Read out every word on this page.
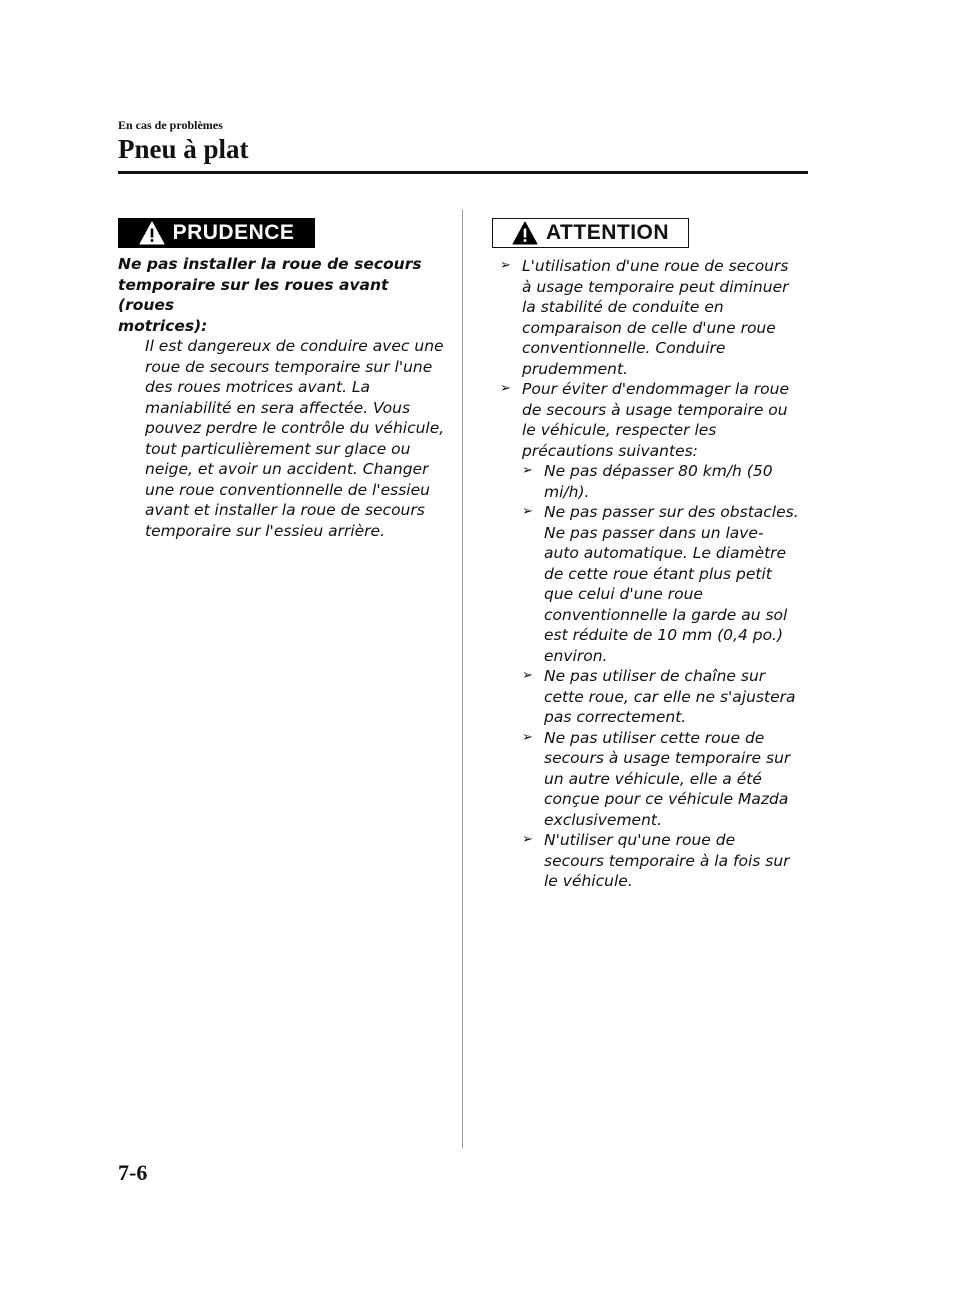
En cas de problèmes
Pneu à plat
PRUDENCE
Ne pas installer la roue de secours
temporaire sur les roues avant (roues
motrices):

Il est dangereux de conduire avec une
roue de secours temporaire sur l'une
des roues motrices avant. La
maniabilité en sera affectée. Vous
pouvez perdre le contrôle du véhicule,
tout particulièrement sur glace ou
neige, et avoir un accident. Changer
une roue conventionnelle de l'essieu
avant et installer la roue de secours
temporaire sur l'essieu arrière.

ATTENTION
➢ L'utilisation d'une roue de secours
à usage temporaire peut diminuer
la stabilité de conduite en
comparaison de celle d'une roue
conventionnelle. Conduire
prudemment.
➢ Pour éviter d'endommager la roue
de secours à usage temporaire ou
le véhicule, respecter les
précautions suivantes:
➢ Ne pas dépasser 80 km/h (50
mi/h).
➢ Ne pas passer sur des obstacles.
Ne pas passer dans un lave-
auto automatique. Le diamètre
de cette roue étant plus petit
que celui d'une roue
conventionnelle la garde au sol
est réduite de 10 mm (0,4 po.)
environ.
➢ Ne pas utiliser de chaîne sur
cette roue, car elle ne s'ajustera
pas correctement.
➢ Ne pas utiliser cette roue de
secours à usage temporaire sur
un autre véhicule, elle a été
conçue pour ce véhicule Mazda
exclusivement.
➢ N'utiliser qu'une roue de
secours temporaire à la fois sur
le véhicule.
7-6
